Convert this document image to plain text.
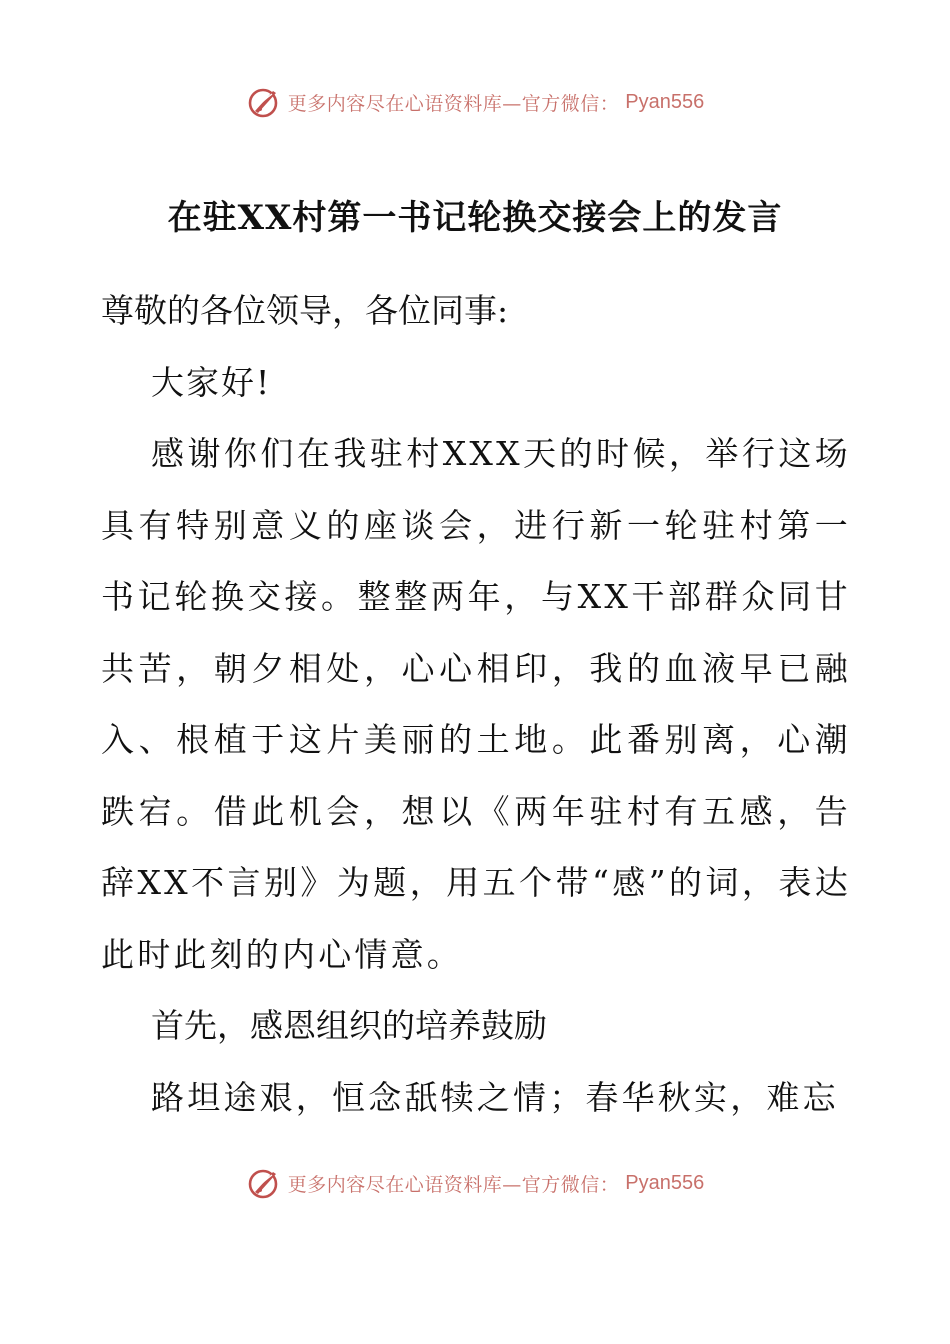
更多内容尽在心语资料库—官方微信： Pyan556
在驻XX村第一书记轮换交接会上的发言

尊敬的各位领导，各位同事:

大家好!

感谢你们在我驻村XXX天的时候，举行这场具有特别意义的座谈会，进行新一轮驻村第一书记轮换交接。整整两年，与XX干部群众同甘共苦，朝夕相处，心心相印，我的血液早已融入、根植于这片美丽的土地。此番别离，心潮跌宕。借此机会，想以《两年驻村有五感，告辞XX不言别》为题，用五个带“感”的词，表达此时此刻的内心情意。

首先，感恩组织的培养鼓励

路坦途艰，恒念舐犊之情；春华秋实，难忘

更多内容尽在心语资料库—官方微信： Pyan556
